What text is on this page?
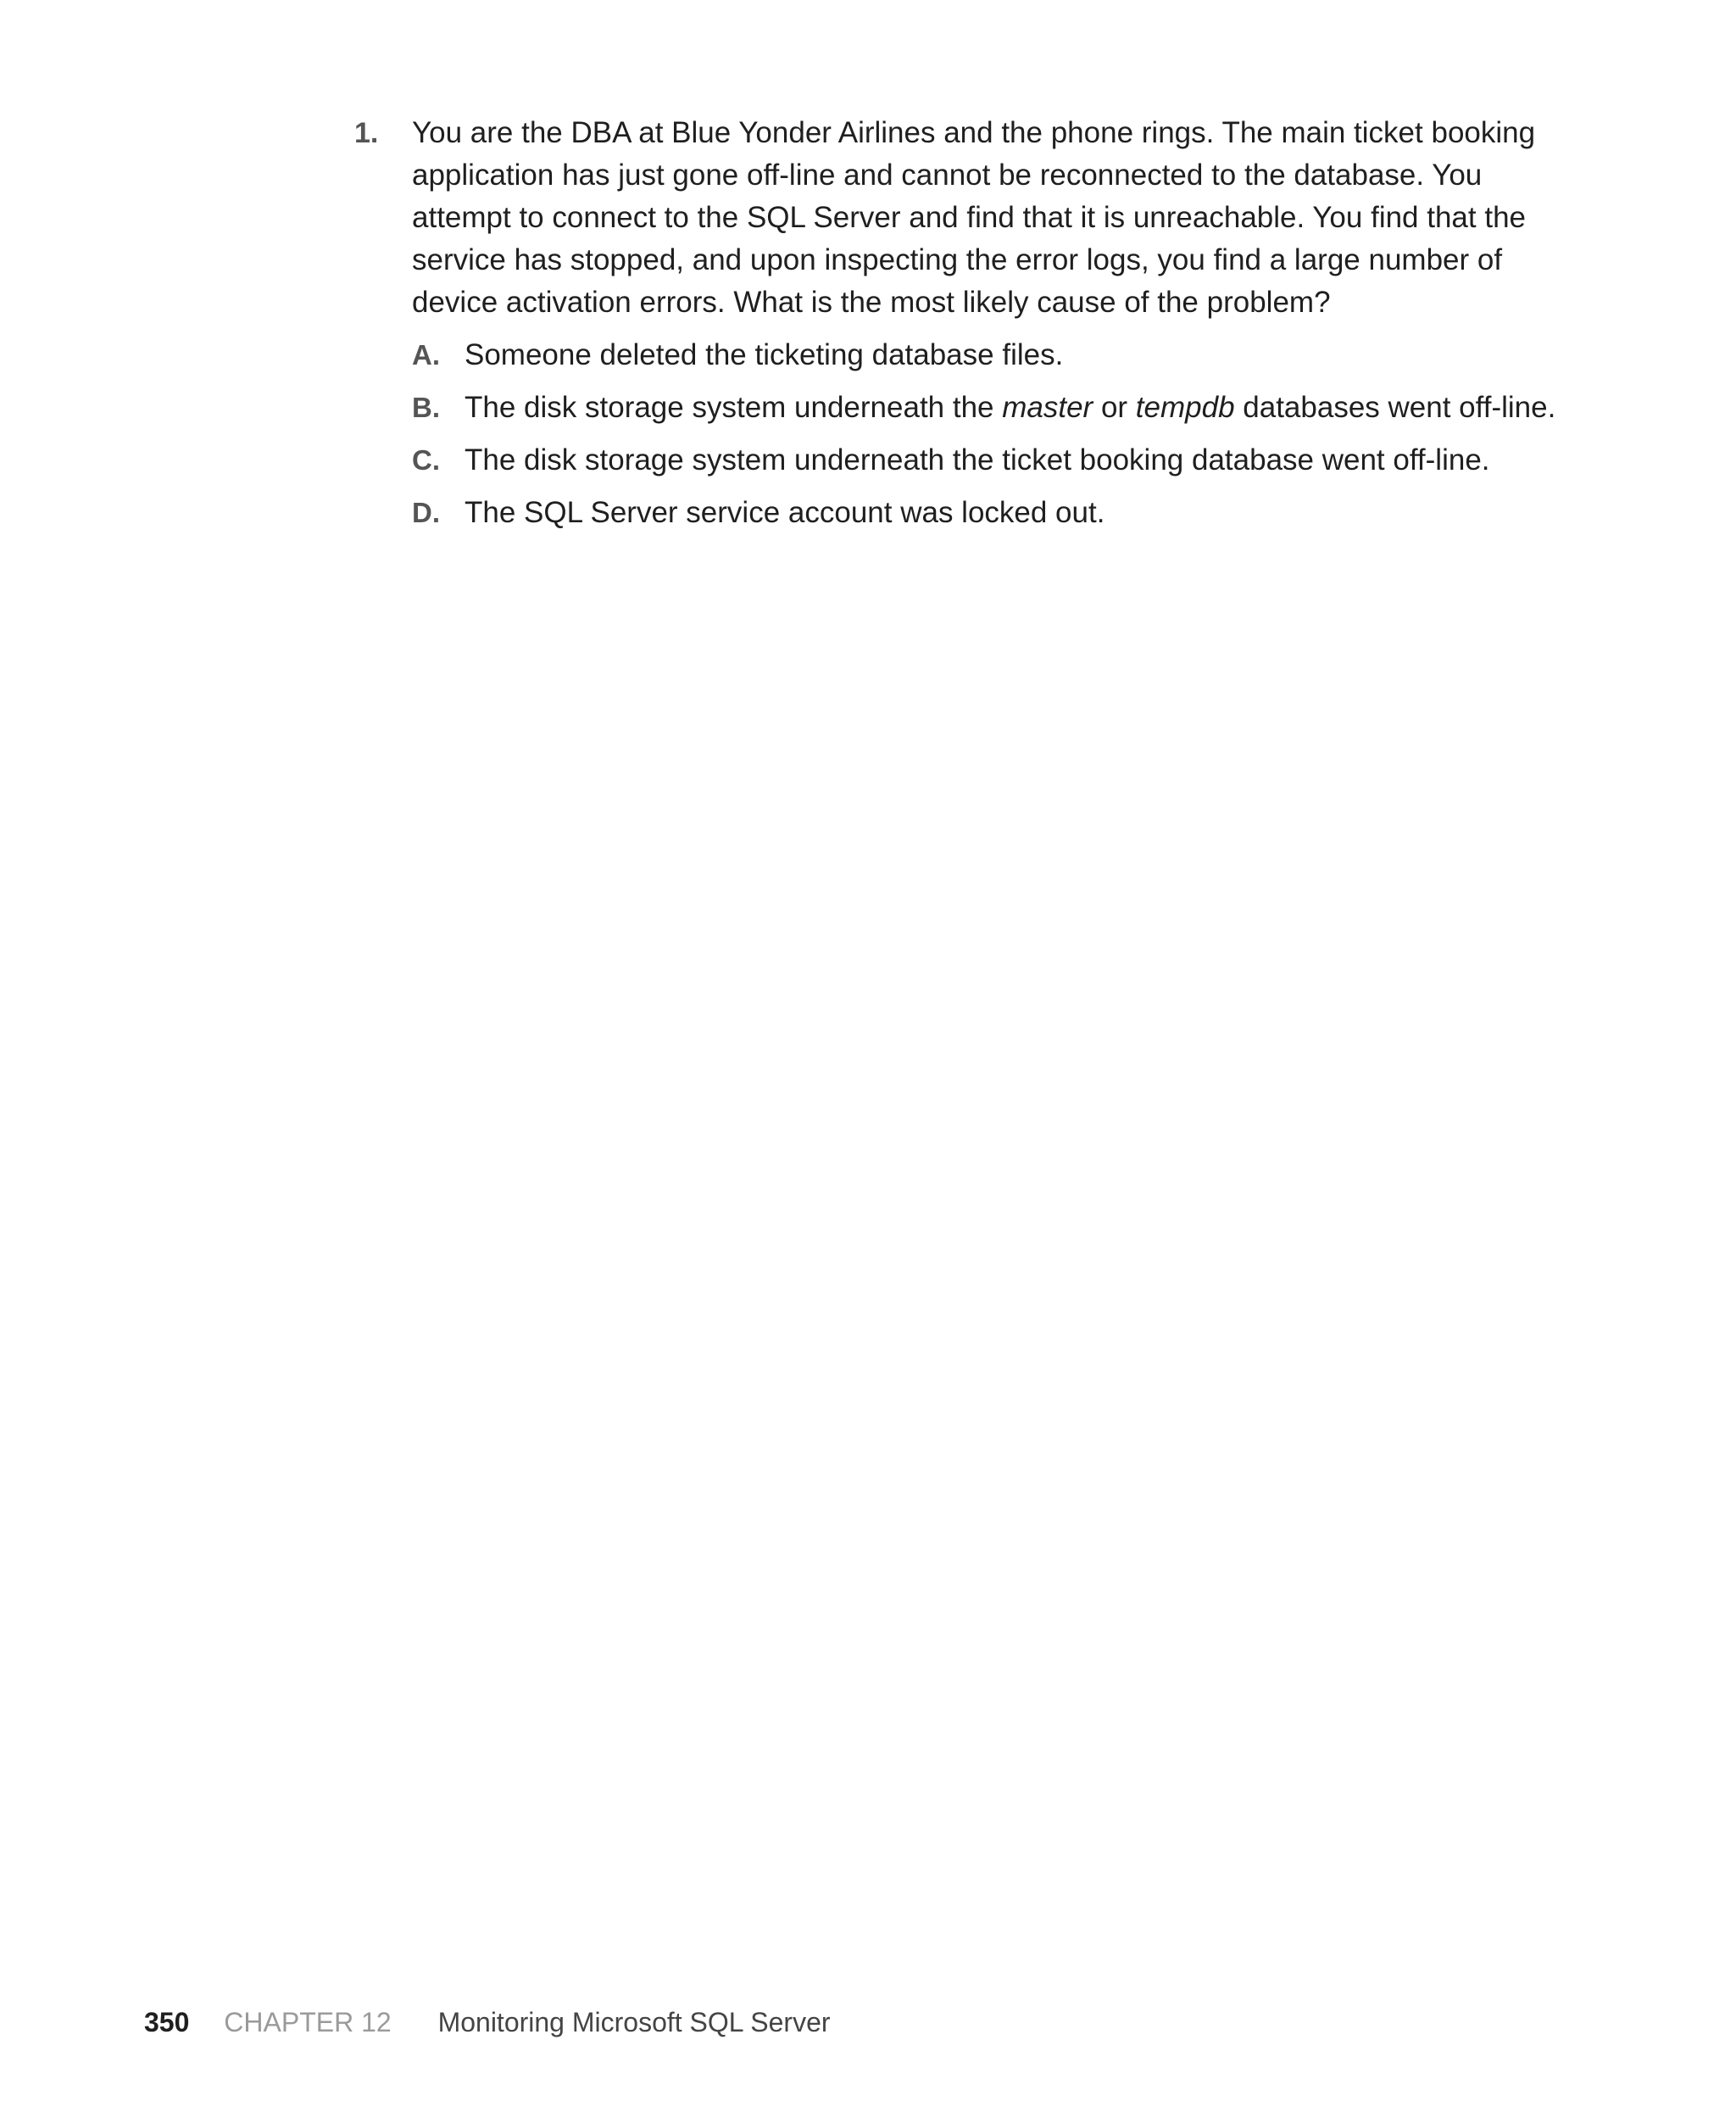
1.	You are the DBA at Blue Yonder Airlines and the phone rings. The main ticket booking application has just gone off-line and cannot be reconnected to the database. You attempt to connect to the SQL Server and find that it is unreachable. You find that the service has stopped, and upon inspecting the error logs, you find a large number of device activation errors. What is the most likely cause of the problem?
A. Someone deleted the ticketing database files.
B. The disk storage system underneath the master or tempdb databases went off-line.
C. The disk storage system underneath the ticket booking database went off-line.
D. The SQL Server service account was locked out.
350 CHAPTER 12 Monitoring Microsoft SQL Server
